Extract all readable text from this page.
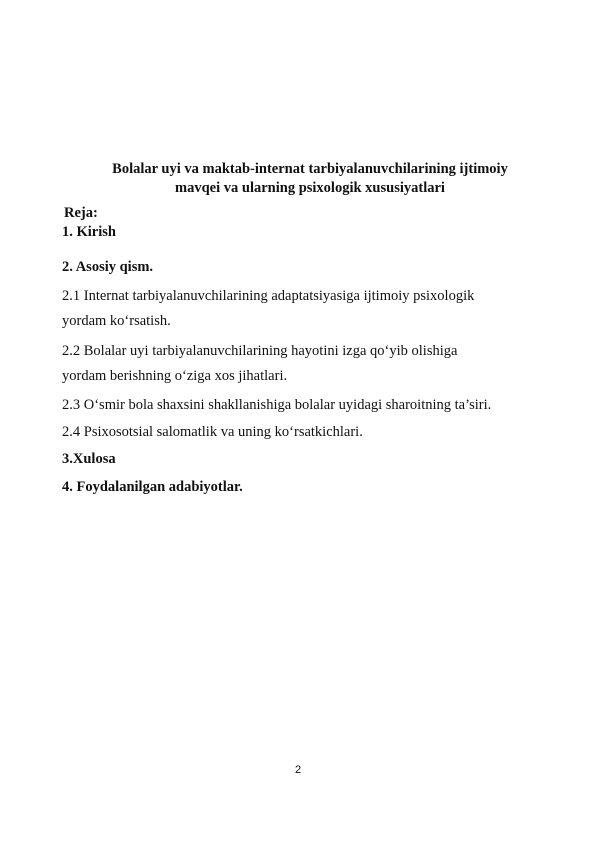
Bolalar uyi va maktab-internat tarbiyalanuvchilarining ijtimoiy

mavqei va ularning psixologik xususiyatlari

Reja:

1. Kirish

2. Asosiy qism.

2.1 Internat tarbiyalanuvchilarining adaptatsiyasiga ijtimoiy psixologik

yordam ko‘rsatish.

2.2 Bolalar uyi tarbiyalanuvchilarining hayotini izga qo‘yib olishiga

yordam berishning o‘ziga xos jihatlari.

2.3 O‘smir bola shaxsini shakllanishiga bolalar uyidagi sharoitning ta’siri.

2.4 Psixosotsial salomatlik va uning ko‘rsatkichlari.

3.Xulosa

4. Foydalanilgan adabiyotlar.

2
